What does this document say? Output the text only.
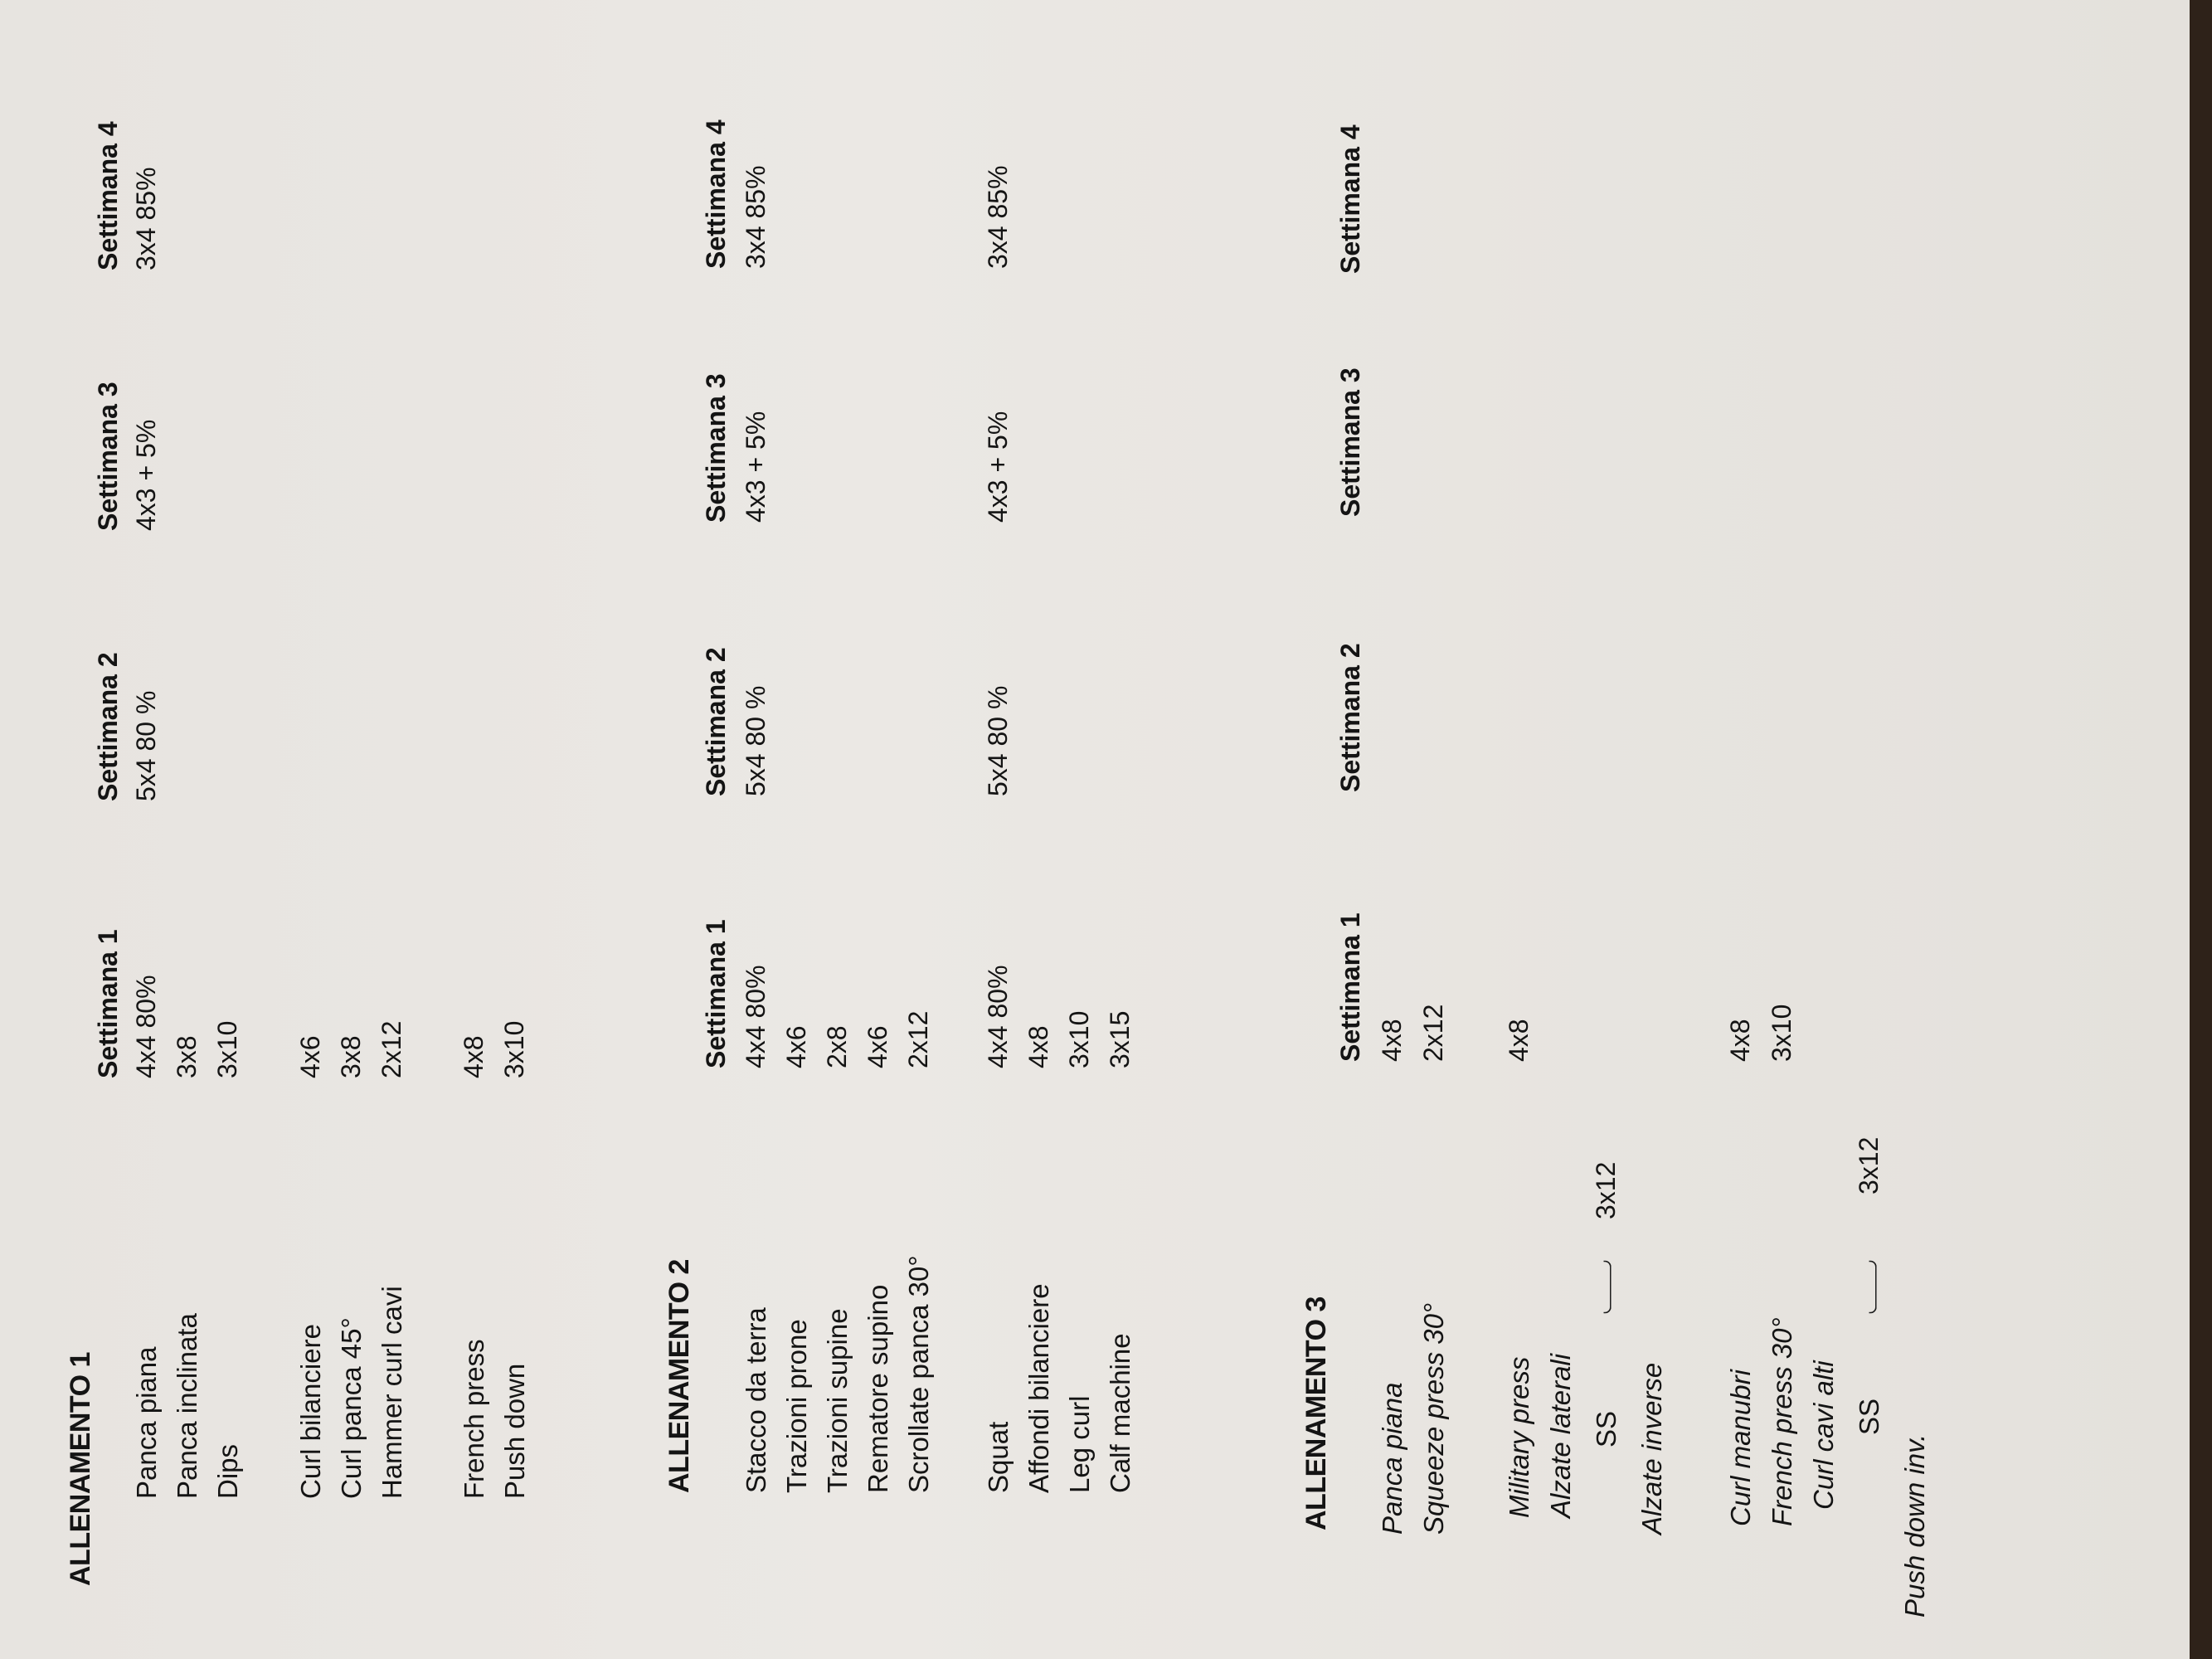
ALLENAMENTO 1
Settimana 1
Settimana 2
Settimana 3
Settimana 4
Panca piana
4x4 80%
5x4 80 %
4x3 + 5%
3x4 85%
Panca inclinata
3x8
Dips
3x10
Curl bilanciere
4x6
Curl panca 45°
3x8
Hammer curl cavi
2x12
French press
4x8
Push down
3x10
ALLENAMENTO 2
Settimana 1
Settimana 2
Settimana 3
Settimana 4
Stacco da terra
4x4 80%
5x4 80 %
4x3 + 5%
3x4 85%
Trazioni prone
4x6
Trazioni supine
2x8
Rematore supino
4x6
Scrollate panca 30°
2x12
Squat
4x4 80%
5x4 80 %
4x3 + 5%
3x4 85%
Affondi bilanciere
4x8
Leg curl
3x10
Calf machine
3x15
ALLENAMENTO 3
Settimana 1
Settimana 2
Settimana 3
Settimana 4
Panca piana
4x8
Squeeze press 30°
2x12
Military press
4x8
Alzate laterali SS
3x12
Alzate inverse Curl manubri
4x8
French press 30°
3x10
Curl cavi alti SS
3x12
Push down inv.
